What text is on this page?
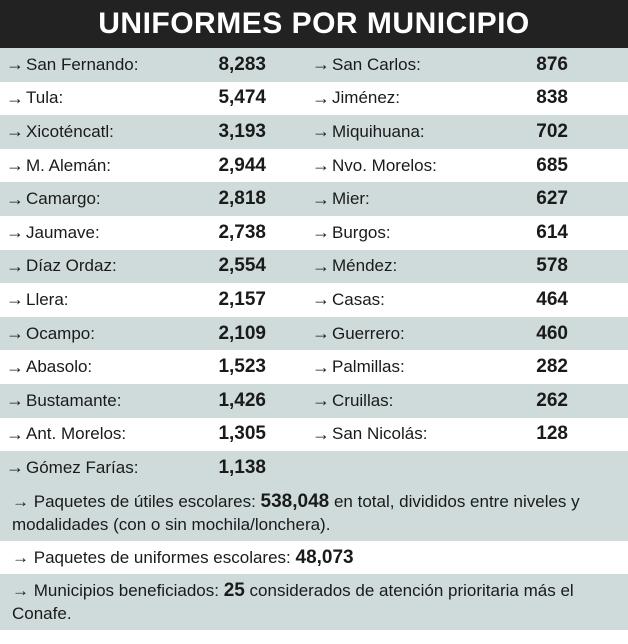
UNIFORMES POR MUNICIPIO
→ San Fernando:	8,283	→ San Carlos:	876
→ Tula:	5,474	→ Jiménez:	838
→ Xicoténcatl:	3,193	→ Miquihuana:	702
→ M. Alemán:	2,944	→ Nvo. Morelos:	685
→ Camargo:	2,818	→ Mier:	627
→ Jaumave:	2,738	→ Burgos:	614
→ Díaz Ordaz:	2,554	→ Méndez:	578
→ Llera:	2,157	→ Casas:	464
→ Ocampo:	2,109	→ Guerrero:	460
→ Abasolo:	1,523	→ Palmillas:	282
→ Bustamante:	1,426	→ Cruillas:	262
→ Ant. Morelos:	1,305	→ San Nicolás:	128
→ Gómez Farías:	1,138
→ Paquetes de útiles escolares: 538,048 en total, divididos entre niveles y modalidades (con o sin mochila/lonchera).
→ Paquetes de uniformes escolares: 48,073
→ Municipios beneficiados: 25 considerados de atención prioritaria más el Conafe.
